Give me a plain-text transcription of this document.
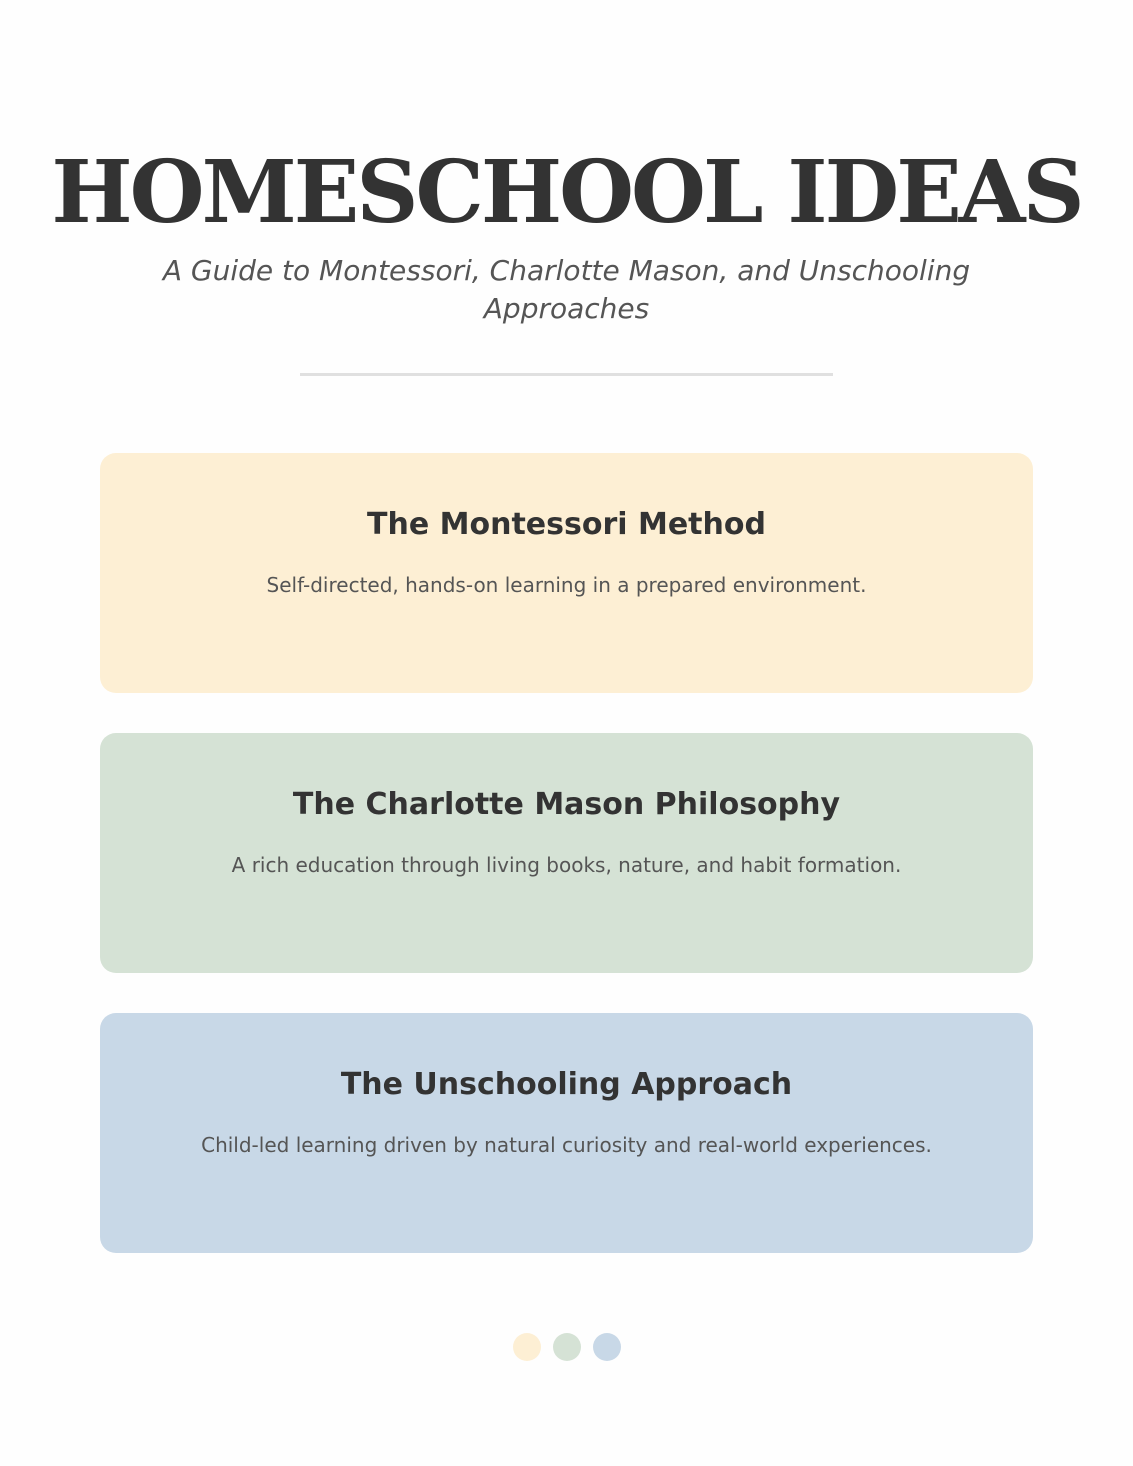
HOMESCHOOL IDEAS

A Guide to Montessori, Charlotte Mason, and Unschooling Approaches

The Montessori Method

Self-directed, hands-on learning in a prepared environment.

The Charlotte Mason Philosophy

A rich education through living books, nature, and habit formation.

The Unschooling Approach

Child-led learning driven by natural curiosity and real-world experiences.
